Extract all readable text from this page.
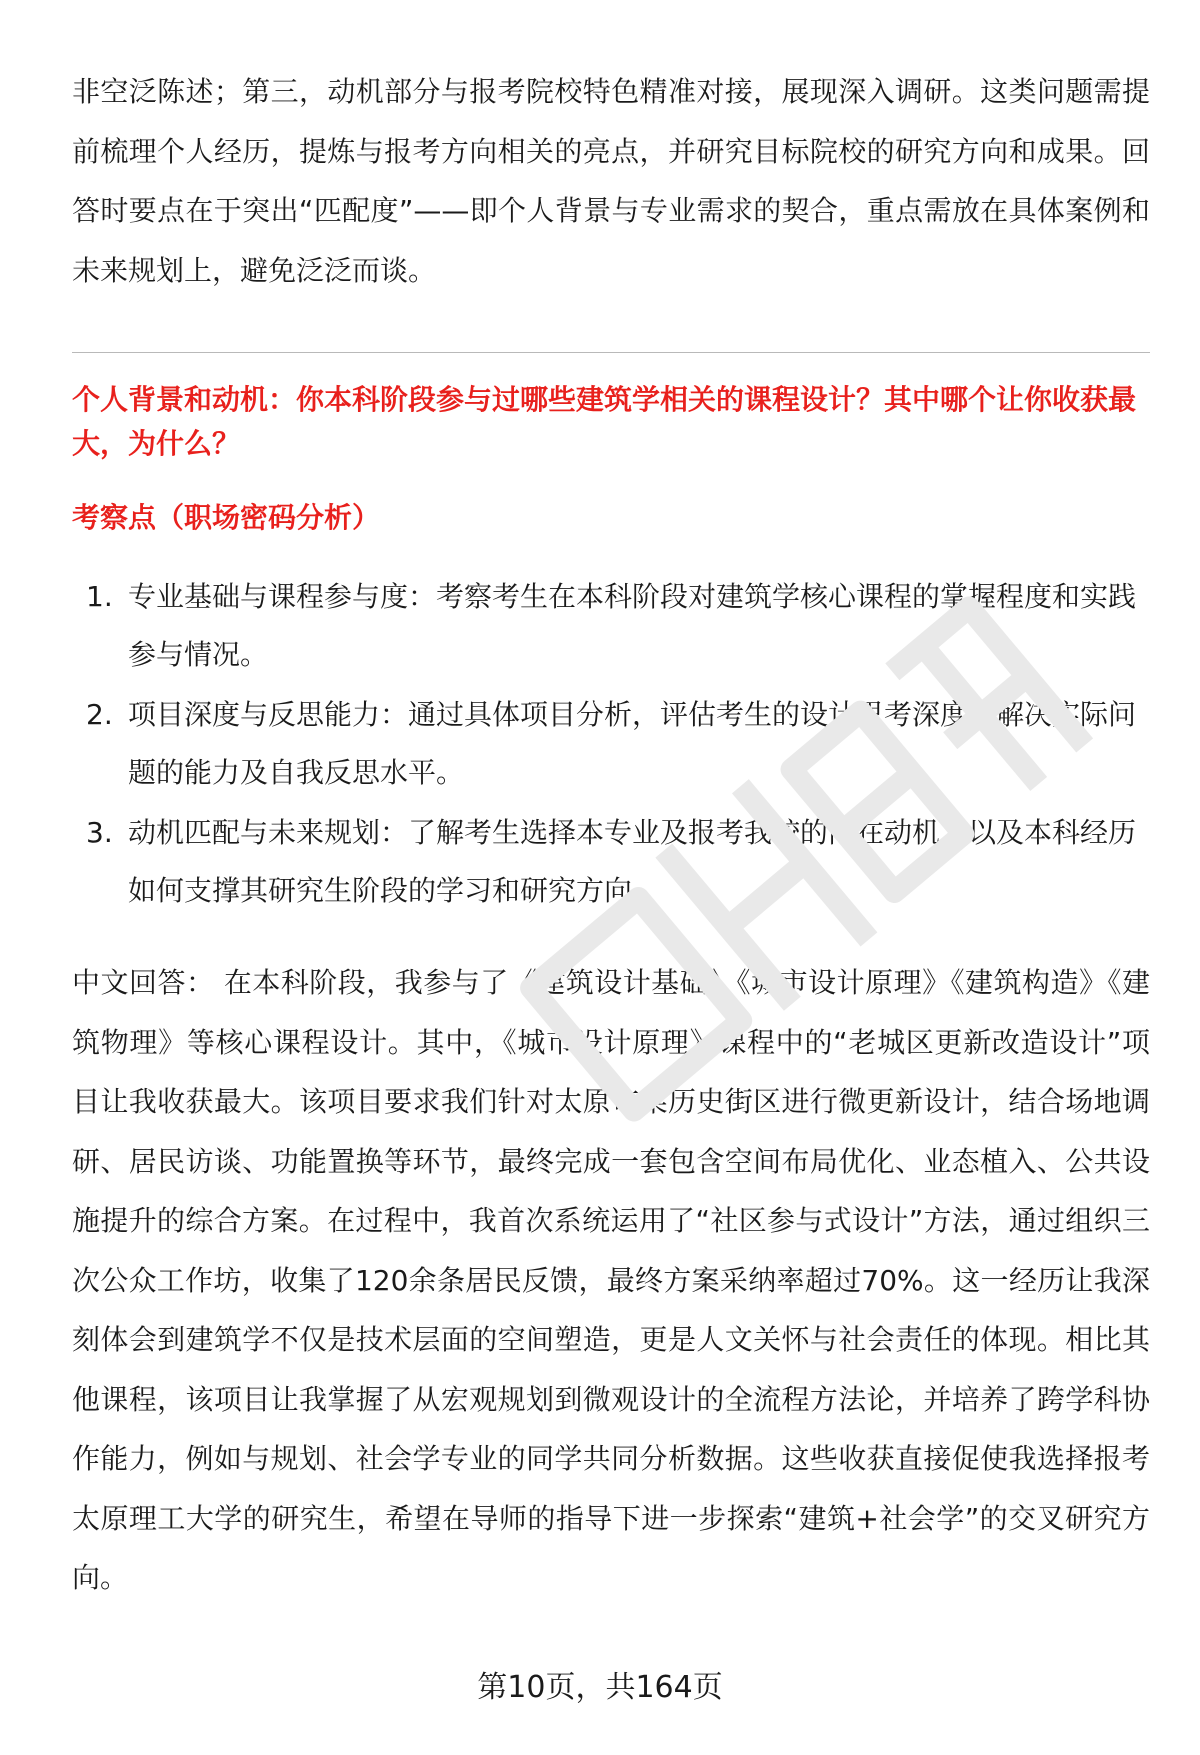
非空泛陈述；第三，动机部分与报考院校特色精准对接，展现深入调研。这类问题需提前梳理个人经历，提炼与报考方向相关的亮点，并研究目标院校的研究方向和成果。回答时要点在于突出“匹配度”——即个人背景与专业需求的契合，重点需放在具体案例和未来规划上，避免泛泛而谈。

个人背景和动机：你本科阶段参与过哪些建筑学相关的课程设计？其中哪个让你收获最大，为什么？

考察点（职场密码分析）

1. 专业基础与课程参与度：考察考生在本科阶段对建筑学核心课程的掌握程度和实践参与情况。
2. 项目深度与反思能力：通过具体项目分析，评估考生的设计思考深度、解决实际问题的能力及自我反思水平。
3. 动机匹配与未来规划：了解考生选择本专业及报考我校的内在动机，以及本科经历如何支撑其研究生阶段的学习和研究方向。

中文回答： 在本科阶段，我参与了《建筑设计基础》《城市设计原理》《建筑构造》《建筑物理》等核心课程设计。其中，《城市设计原理》课程中的“老城区更新改造设计”项目让我收获最大。该项目要求我们针对太原市某历史街区进行微更新设计，结合场地调研、居民访谈、功能置换等环节，最终完成一套包含空间布局优化、业态植入、公共设施提升的综合方案。在过程中，我首次系统运用了“社区参与式设计”方法，通过组织三次公众工作坊，收集了120余条居民反馈，最终方案采纳率超过70%。这一经历让我深刻体会到建筑学不仅是技术层面的空间塑造，更是人文关怀与社会责任的体现。相比其他课程，该项目让我掌握了从宏观规划到微观设计的全流程方法论，并培养了跨学科协作能力，例如与规划、社会学专业的同学共同分析数据。这些收获直接促使我选择报考太原理工大学的研究生，希望在导师的指导下进一步探索“建筑+社会学”的交叉研究方向。

第10页，共164页
